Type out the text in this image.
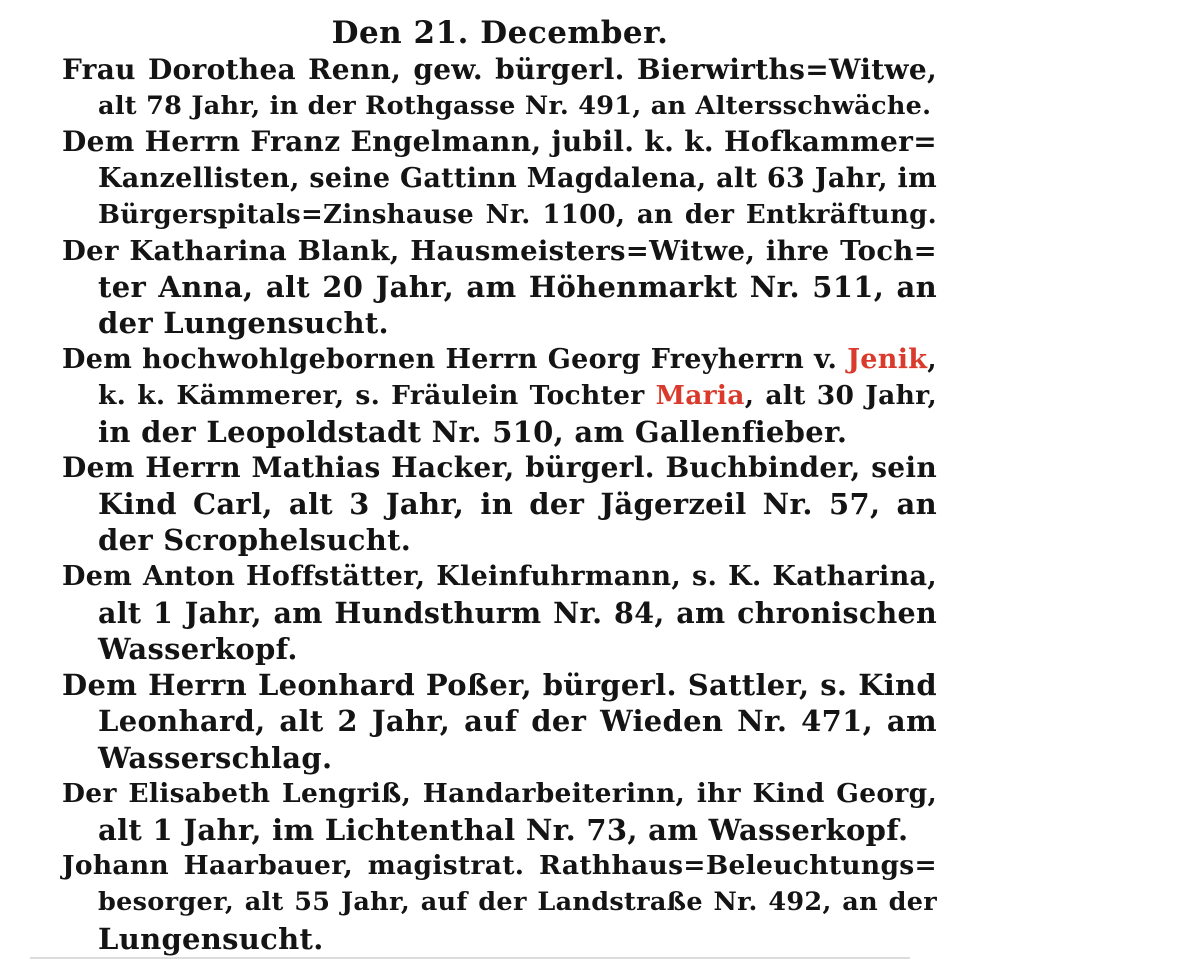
Den 21. December.
Frau Dorothea Renn, gew. bürgerl. Bierwirths=Witwe,
alt 78 Jahr, in der Rothgasse Nr. 491, an Altersschwäche.
Dem Herrn Franz Engelmann, jubil. k. k. Hofkammer=
Kanzellisten, seine Gattinn Magdalena, alt 63 Jahr, im
Bürgerspitals=Zinshause Nr. 1100, an der Entkräftung.
Der Katharina Blank, Hausmeisters=Witwe, ihre Toch=
ter Anna, alt 20 Jahr, am Höhenmarkt Nr. 511, an
der Lungensucht.
Dem hochwohlgebornen Herrn Georg Freyherrn v. Jenik,
k. k. Kämmerer, s. Fräulein Tochter Maria, alt 30 Jahr,
in der Leopoldstadt Nr. 510, am Gallenfieber.
Dem Herrn Mathias Hacker, bürgerl. Buchbinder, sein
Kind Carl, alt 3 Jahr, in der Jägerzeil Nr. 57, an
der Scrophelsucht.
Dem Anton Hoffstätter, Kleinfuhrmann, s. K. Katharina,
alt 1 Jahr, am Hundsthurm Nr. 84, am chronischen
Wasserkopf.
Dem Herrn Leonhard Poßer, bürgerl. Sattler, s. Kind
Leonhard, alt 2 Jahr, auf der Wieden Nr. 471, am
Wasserschlag.
Der Elisabeth Lengriß, Handarbeiterinn, ihr Kind Georg,
alt 1 Jahr, im Lichtenthal Nr. 73, am Wasserkopf.
Johann Haarbauer, magistrat. Rathhaus=Beleuchtungs=
besorger, alt 55 Jahr, auf der Landstraße Nr. 492, an der
Lungensucht.
